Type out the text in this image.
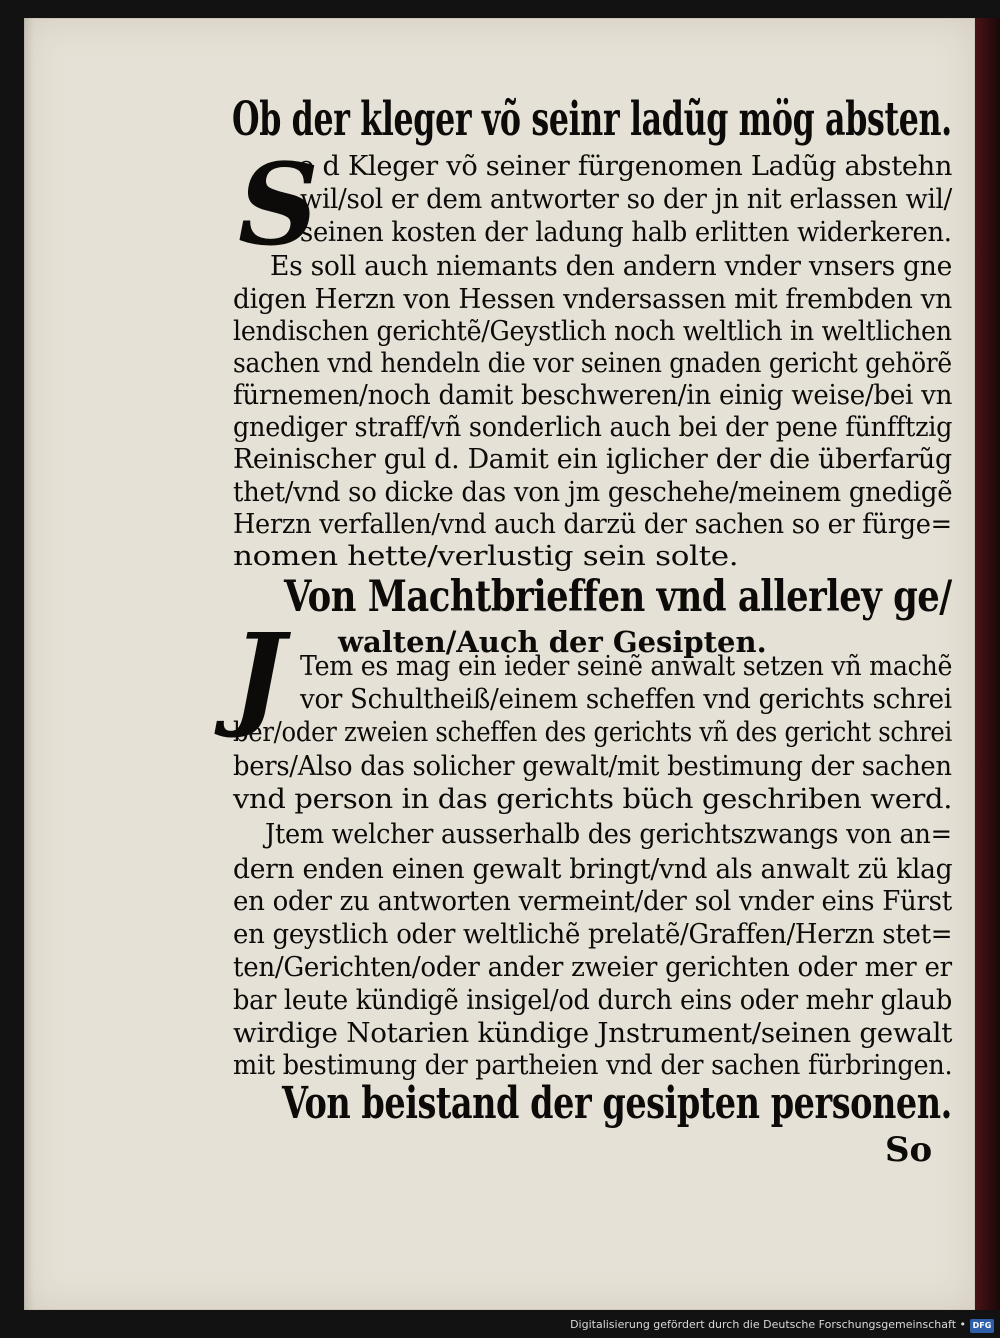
Ob der kleger võ seinr ladũg mög absten.
S
o d Kleger võ seiner fürgenomen Ladũg abstehn
wil/sol er dem antworter so der jn nit erlassen wil/
seinen kosten der ladung halb erlitten widerkeren.
Es soll auch niemants den andern vnder vnsers gne
digen Herzn von Hessen vndersassen mit frembden vn
lendischen gerichtẽ/Geystlich noch weltlich in weltlichen
sachen vnd hendeln die vor seinen gnaden gericht gehörẽ
fürnemen/noch damit beschweren/in einig weise/bei vn
gnediger straff/vñ sonderlich auch bei der pene fünfftzig
Reinischer gul d. Damit ein iglicher der die überfarũg
thet/vnd so dicke das von jm geschehe/meinem gnedigẽ
Herzn verfallen/vnd auch darzü der sachen so er fürge=
nomen hette/verlustig sein solte.
Von Machtbrieffen vnd allerley ge/
walten/Auch der Gesipten.
J Tem es mag ein ieder seinẽ anwalt setzen vñ machẽ
vor Schultheiß/einem scheffen vnd gerichts schrei
ber/oder zweien scheffen des gerichts vñ des gericht schrei
bers/Also das solicher gewalt/mit bestimung der sachen
vnd person in das gerichts büch geschriben werd.
Jtem welcher ausserhalb des gerichtszwangs von an=
dern enden einen gewalt bringt/vnd als anwalt zü klag
en oder zu antworten vermeint/der sol vnder eins Fürst
en geystlich oder weltlichẽ prelatẽ/Graffen/Herzn stet=
ten/Gerichten/oder ander zweier gerichten oder mer er
bar leute kündigẽ insigel/od durch eins oder mehr glaub
wirdige Notarien kündige Jnstrument/seinen gewalt
mit bestimung der partheien vnd der sachen fürbringen.
Von beistand der gesipten personen.
So
Digitalisierung gefördert durch die Deutsche Forschungsgemeinschaft • DFG
